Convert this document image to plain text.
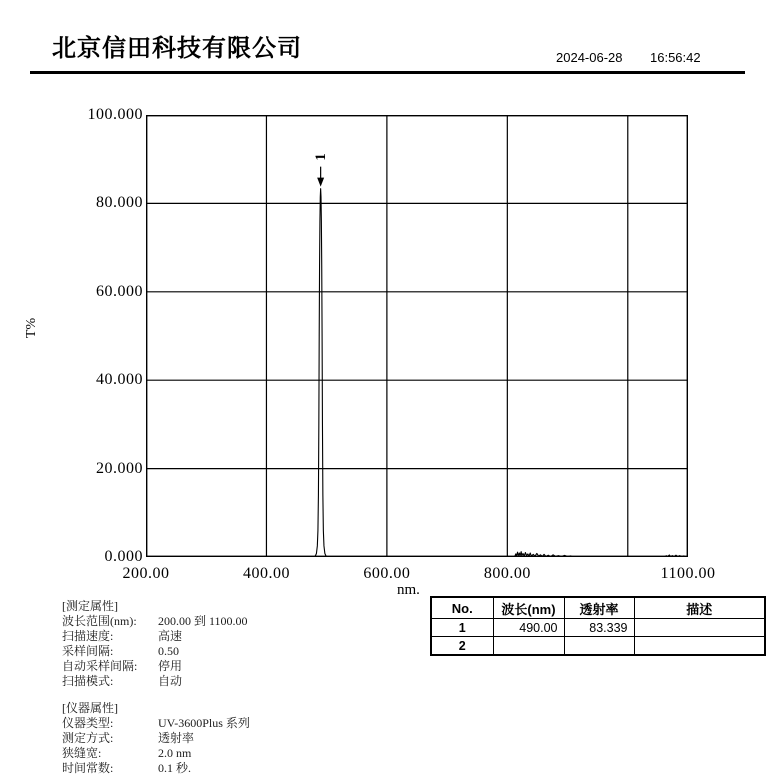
北京信田科技有限公司	2024-06-28 16:56:42
T%
nm.
0.000
20.000
40.000
60.000
80.000
100.000
200.00	400.00	600.00	800.00	1100.00
1
[测定属性]
波长范围(nm): 200.00 到 1100.00
扫描速度:	高速
采样间隔:	0.50
自动采样间隔: 停用
扫描模式:	自动
[仪器属性]
仪器类型:	UV-3600Plus 系列
测定方式:	透射率
狭缝宽:	2.0 nm
时间常数:	0.1 秒.
No.	波长(nm)	透射率	描述
1	490.00	83.339	
2			
